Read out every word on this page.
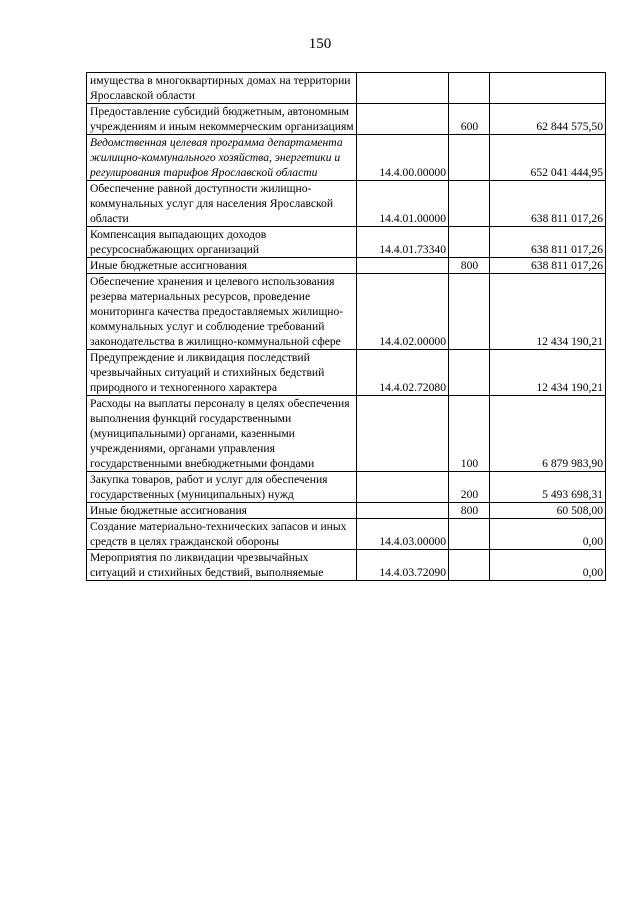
150
имущества в многоквартирных домах на территории Ярославской области			
Предоставление субсидий бюджетным, автономным учреждениям и иным некоммерческим организациям		600	62 844 575,50
Ведомственная целевая программа департамента жилищно-коммунального хозяйства, энергетики и регулирования тарифов Ярославской области	14.4.00.00000		652 041 444,95
Обеспечение равной доступности жилищно-коммунальных услуг для населения Ярославской области	14.4.01.00000		638 811 017,26
Компенсация выпадающих доходов ресурсоснабжающих организаций	14.4.01.73340		638 811 017,26
Иные бюджетные ассигнования		800	638 811 017,26
Обеспечение хранения и целевого использования резерва материальных ресурсов, проведение мониторинга качества предоставляемых жилищно-коммунальных услуг и соблюдение требований законодательства в жилищно-коммунальной сфере	14.4.02.00000		12 434 190,21
Предупреждение и ликвидация последствий чрезвычайных ситуаций и стихийных бедствий природного и техногенного характера	14.4.02.72080		12 434 190,21
Расходы на выплаты персоналу в целях обеспечения выполнения функций государственными (муниципальными) органами, казенными учреждениями, органами управления государственными внебюджетными фондами		100	6 879 983,90
Закупка товаров, работ и услуг для обеспечения государственных (муниципальных) нужд		200	5 493 698,31
Иные бюджетные ассигнования		800	60 508,00
Создание материально-технических запасов и иных средств в целях гражданской обороны	14.4.03.00000		0,00
Мероприятия по ликвидации чрезвычайных ситуаций и стихийных бедствий, выполняемые	14.4.03.72090		0,00
